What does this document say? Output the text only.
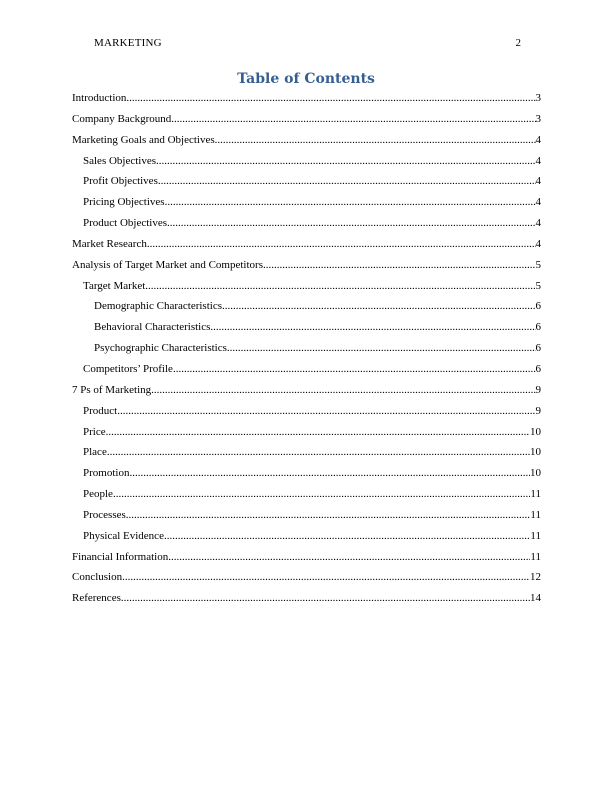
MARKETING	2
Table of Contents
Introduction .....	3
Company Background .....	3
Marketing Goals and Objectives .....	4
Sales Objectives .....	4
Profit Objectives .....	4
Pricing Objectives .....	4
Product Objectives .....	4
Market Research .....	4
Analysis of Target Market and Competitors .....	5
Target Market .....	5
Demographic Characteristics .....	6
Behavioral Characteristics .....	6
Psychographic Characteristics .....	6
Competitors’ Profile .....	6
7 Ps of Marketing .....	9
Product .....	9
Price .....	10
Place .....	10
Promotion .....	10
People .....	11
Processes .....	11
Physical Evidence .....	11
Financial Information .....	11
Conclusion .....	12
References .....	14
